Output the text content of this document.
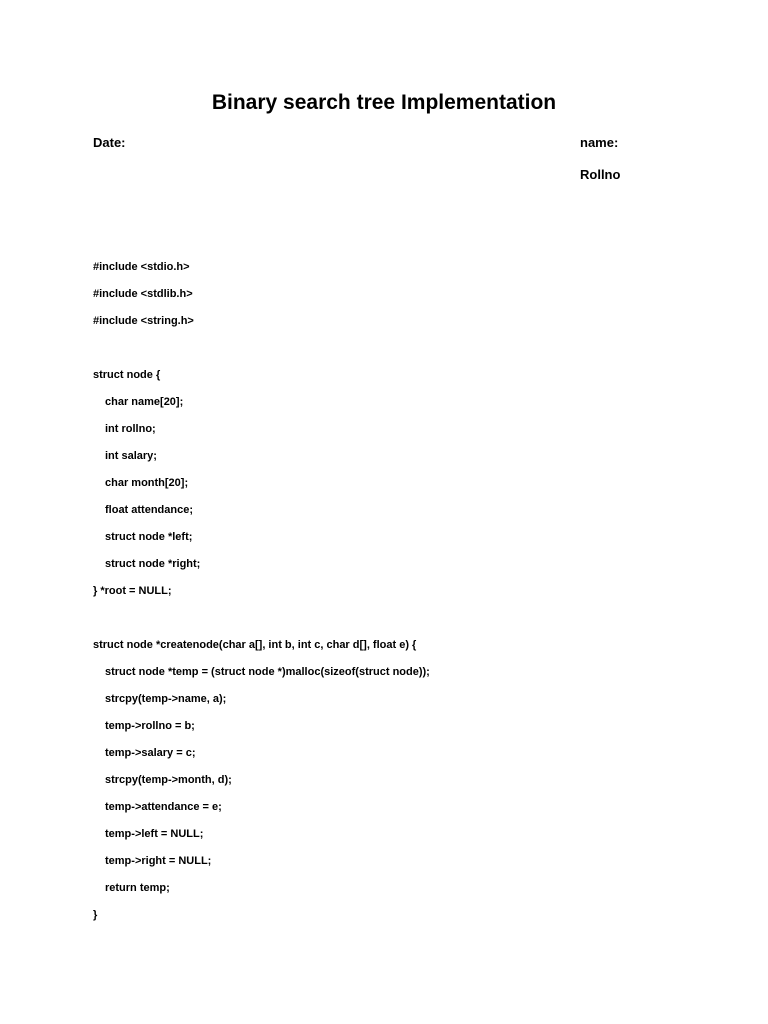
Binary search tree Implementation
Date:	name:
Rollno
#include <stdio.h>
#include <stdlib.h>
#include <string.h>
struct node {
char name[20];
int rollno;
int salary;
char month[20];
float attendance;
struct node *left;
struct node *right;
} *root = NULL;
struct node *createnode(char a[], int b, int c, char d[], float e) {
struct node *temp = (struct node *)malloc(sizeof(struct node));
strcpy(temp->name, a);
temp->rollno = b;
temp->salary = c;
strcpy(temp->month, d);
temp->attendance = e;
temp->left = NULL;
temp->right = NULL;
return temp;
}
